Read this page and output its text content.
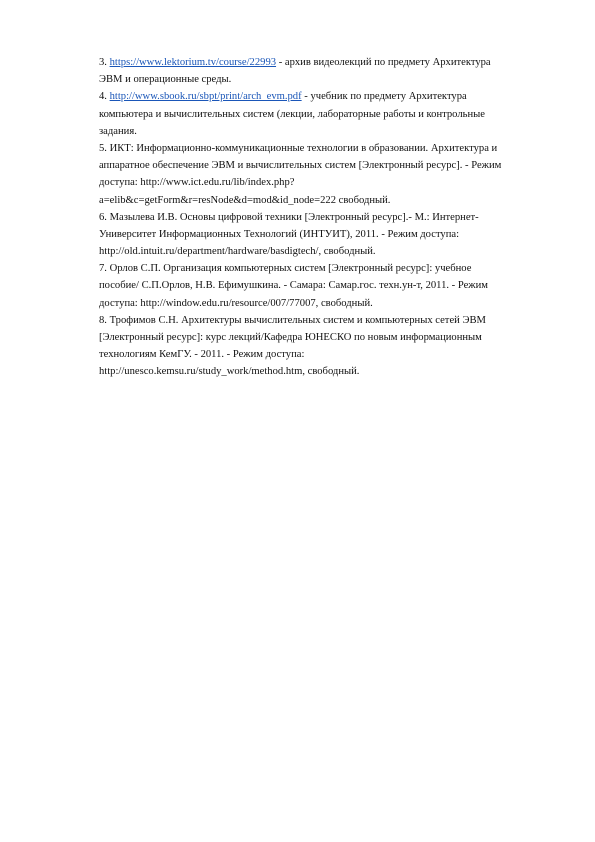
3. https://www.lektorium.tv/course/22993 - архив видеолекций по предмету Архитектура
ЭВМ и операционные среды.
4. http://www.sbook.ru/sbpt/print/arch_evm.pdf - учебник по предмету Архитектура
компьютера и вычислительных систем (лекции, лабораторные работы и контрольные
задания.
5. ИКТ: Информационно-коммуникационные технологии в образовании. Архитектура и
аппаратное обеспечение ЭВМ и вычислительных систем [Электронный ресурс]. - Режим
доступа: http://www.ict.edu.ru/lib/index.php?
a=elib&c=getForm&r=resNode&d=mod&id_node=222 свободный.
6. Мазылева И.В. Основы цифровой техники [Электронный ресурс].- М.: Интернет-
Университет Информационных Технологий (ИНТУИТ), 2011. - Режим доступа:
http://old.intuit.ru/department/hardware/basdigtech/, свободный.
7. Орлов С.П. Организация компьютерных систем [Электронный ресурс]: учебное
пособие/ С.П.Орлов, Н.В. Ефимушкина. - Самара: Самар.гос. техн.ун-т, 2011. - Режим
доступа: http://window.edu.ru/resource/007/77007, свободный.
8. Трофимов С.Н. Архитектуры вычислительных систем и компьютерных сетей ЭВМ
[Электронный ресурс]: курс лекций/Кафедра ЮНЕСКО по новым информационным
технологиям КемГУ. - 2011. - Режим доступа:
http://unesco.kemsu.ru/study_work/method.htm, свободный.
